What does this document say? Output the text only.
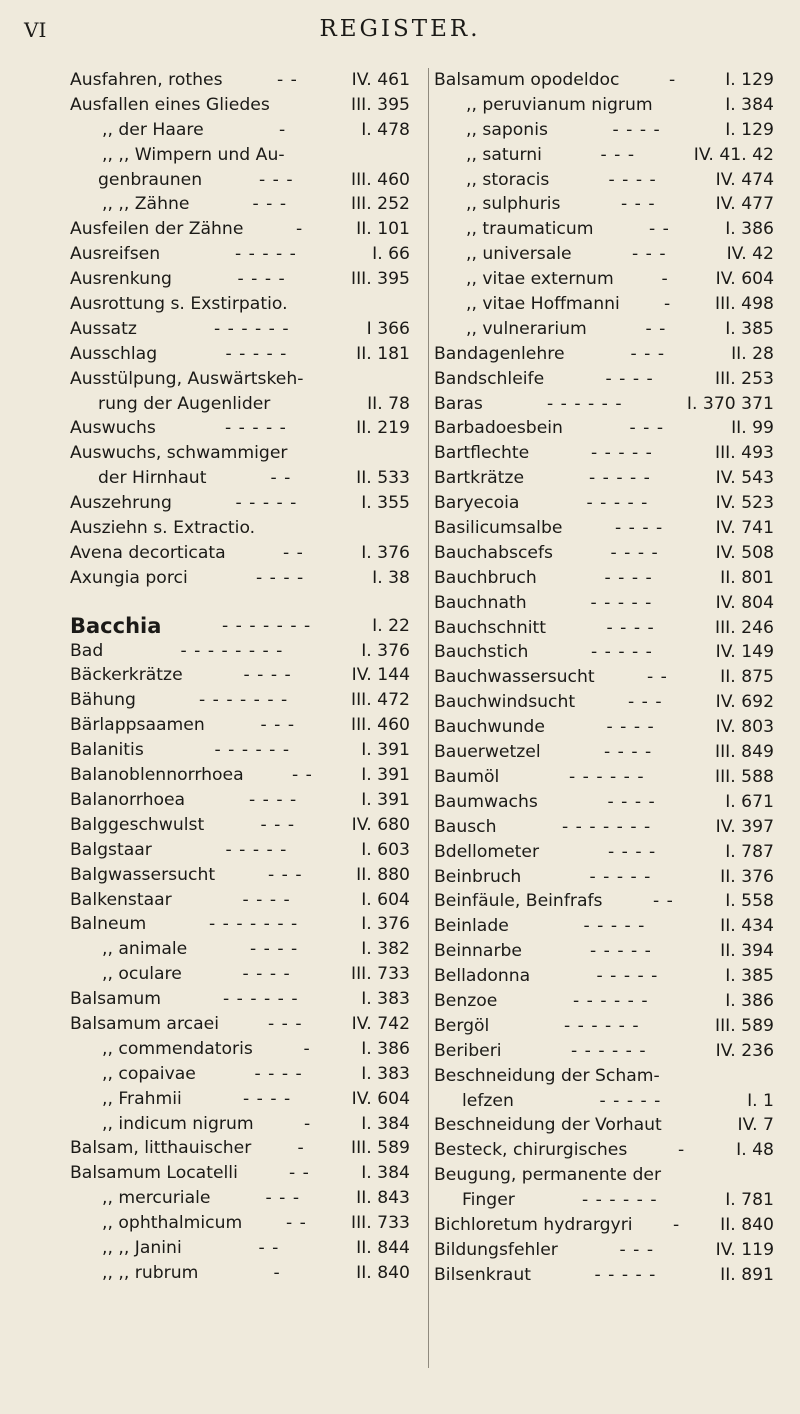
VI	REGISTER.
Ausfahren, rothes	- -	IV. 461
Ausfallen eines Gliedes	III. 395
,, der Haare	-	I. 478
,, ,, Wimpern und Au-
genbraunen	- - -	III. 460
,, ,, Zähne	- - -	III. 252
Ausfeilen der Zähne	-	II. 101
Ausreifsen	- - - - -	I. 66
Ausrenkung	- - - -	III. 395
Ausrottung s. Exstirpatio.
Aussatz	- - - - - -	I 366
Ausschlag	- - - - -	II. 181
Ausstülpung, Auswärtskeh-
rung der Augenlider	II. 78
Auswuchs	- - - - -	II. 219
Auswuchs, schwammiger
der Hirnhaut	- -	II. 533
Auszehrung	- - - - -	I. 355
Ausziehn s. Extractio.
Avena decorticata	- -	I. 376
Axungia porci	- - - -	I. 38
Bacchia	- - - - - - -	I. 22
Bad	- - - - - - - -	I. 376
Bäckerkrätze	- - - -	IV. 144
Bähung	- - - - - - -	III. 472
Bärlappsaamen	- - -	III. 460
Balanitis	- - - - - -	I. 391
Balanoblennorrhoea	- -	I. 391
Balanorrhoea	- - - -	I. 391
Balggeschwulst	- - -	IV. 680
Balgstaar	- - - - -	I. 603
Balgwassersucht	- - -	II. 880
Balkenstaar	- - - -	I. 604
Balneum	- - - - - - -	I. 376
,, animale	- - - -	I. 382
,, oculare	- - - -	III. 733
Balsamum	- - - - - -	I. 383
Balsamum arcaei	- - -	IV. 742
,, commendatoris	-	I. 386
,, copaivae	- - - -	I. 383
,, Frahmii	- - - -	IV. 604
,, indicum nigrum	-	I. 384
Balsam, litthauischer	-	III. 589
Balsamum Locatelli	- -	I. 384
,, mercuriale	- - -	II. 843
,, ophthalmicum	- -	III. 733
,, ,, Janini	- -	II. 844
,, ,, rubrum	-	II. 840
Balsamum opodeldoc	-	I. 129
,, peruvianum nigrum	I. 384
,, saponis	- - - -	I. 129
,, saturni	- - -	IV. 41. 42
,, storacis	- - - -	IV. 474
,, sulphuris	- - -	IV. 477
,, traumaticum	- -	I. 386
,, universale	- - -	IV. 42
,, vitae externum	-	IV. 604
,, vitae Hoffmanni	-	III. 498
,, vulnerarium	- -	I. 385
Bandagenlehre	- - -	II. 28
Bandschleife	- - - -	III. 253
Baras	- - - - - -	I. 370 371
Barbadoesbein	- - -	II. 99
Bartflechte	- - - - -	III. 493
Bartkrätze	- - - - -	IV. 543
Baryecoia	- - - - -	IV. 523
Basilicumsalbe	- - - -	IV. 741
Bauchabscefs	- - - -	IV. 508
Bauchbruch	- - - -	II. 801
Bauchnath	- - - - -	IV. 804
Bauchschnitt	- - - -	III. 246
Bauchstich	- - - - -	IV. 149
Bauchwassersucht	- -	II. 875
Bauchwindsucht	- - -	IV. 692
Bauchwunde	- - - -	IV. 803
Bauerwetzel	- - - -	III. 849
Baumöl	- - - - - -	III. 588
Baumwachs	- - - -	I. 671
Bausch	- - - - - - -	IV. 397
Bdellometer	- - - -	I. 787
Beinbruch	- - - - -	II. 376
Beinfäule, Beinfrafs	- -	I. 558
Beinlade	- - - - -	II. 434
Beinnarbe	- - - - -	II. 394
Belladonna	- - - - -	I. 385
Benzoe	- - - - - -	I. 386
Bergöl	- - - - - -	III. 589
Beriberi	- - - - - -	IV. 236
Beschneidung der Scham-
lefzen	- - - - -	I. 1
Beschneidung der Vorhaut	IV. 7
Besteck, chirurgisches	-	I. 48
Beugung, permanente der
Finger	- - - - - -	I. 781
Bichloretum hydrargyri - II. 840
Bildungsfehler	- - -	IV. 119
Bilsenkraut	- - - - -	II. 891
